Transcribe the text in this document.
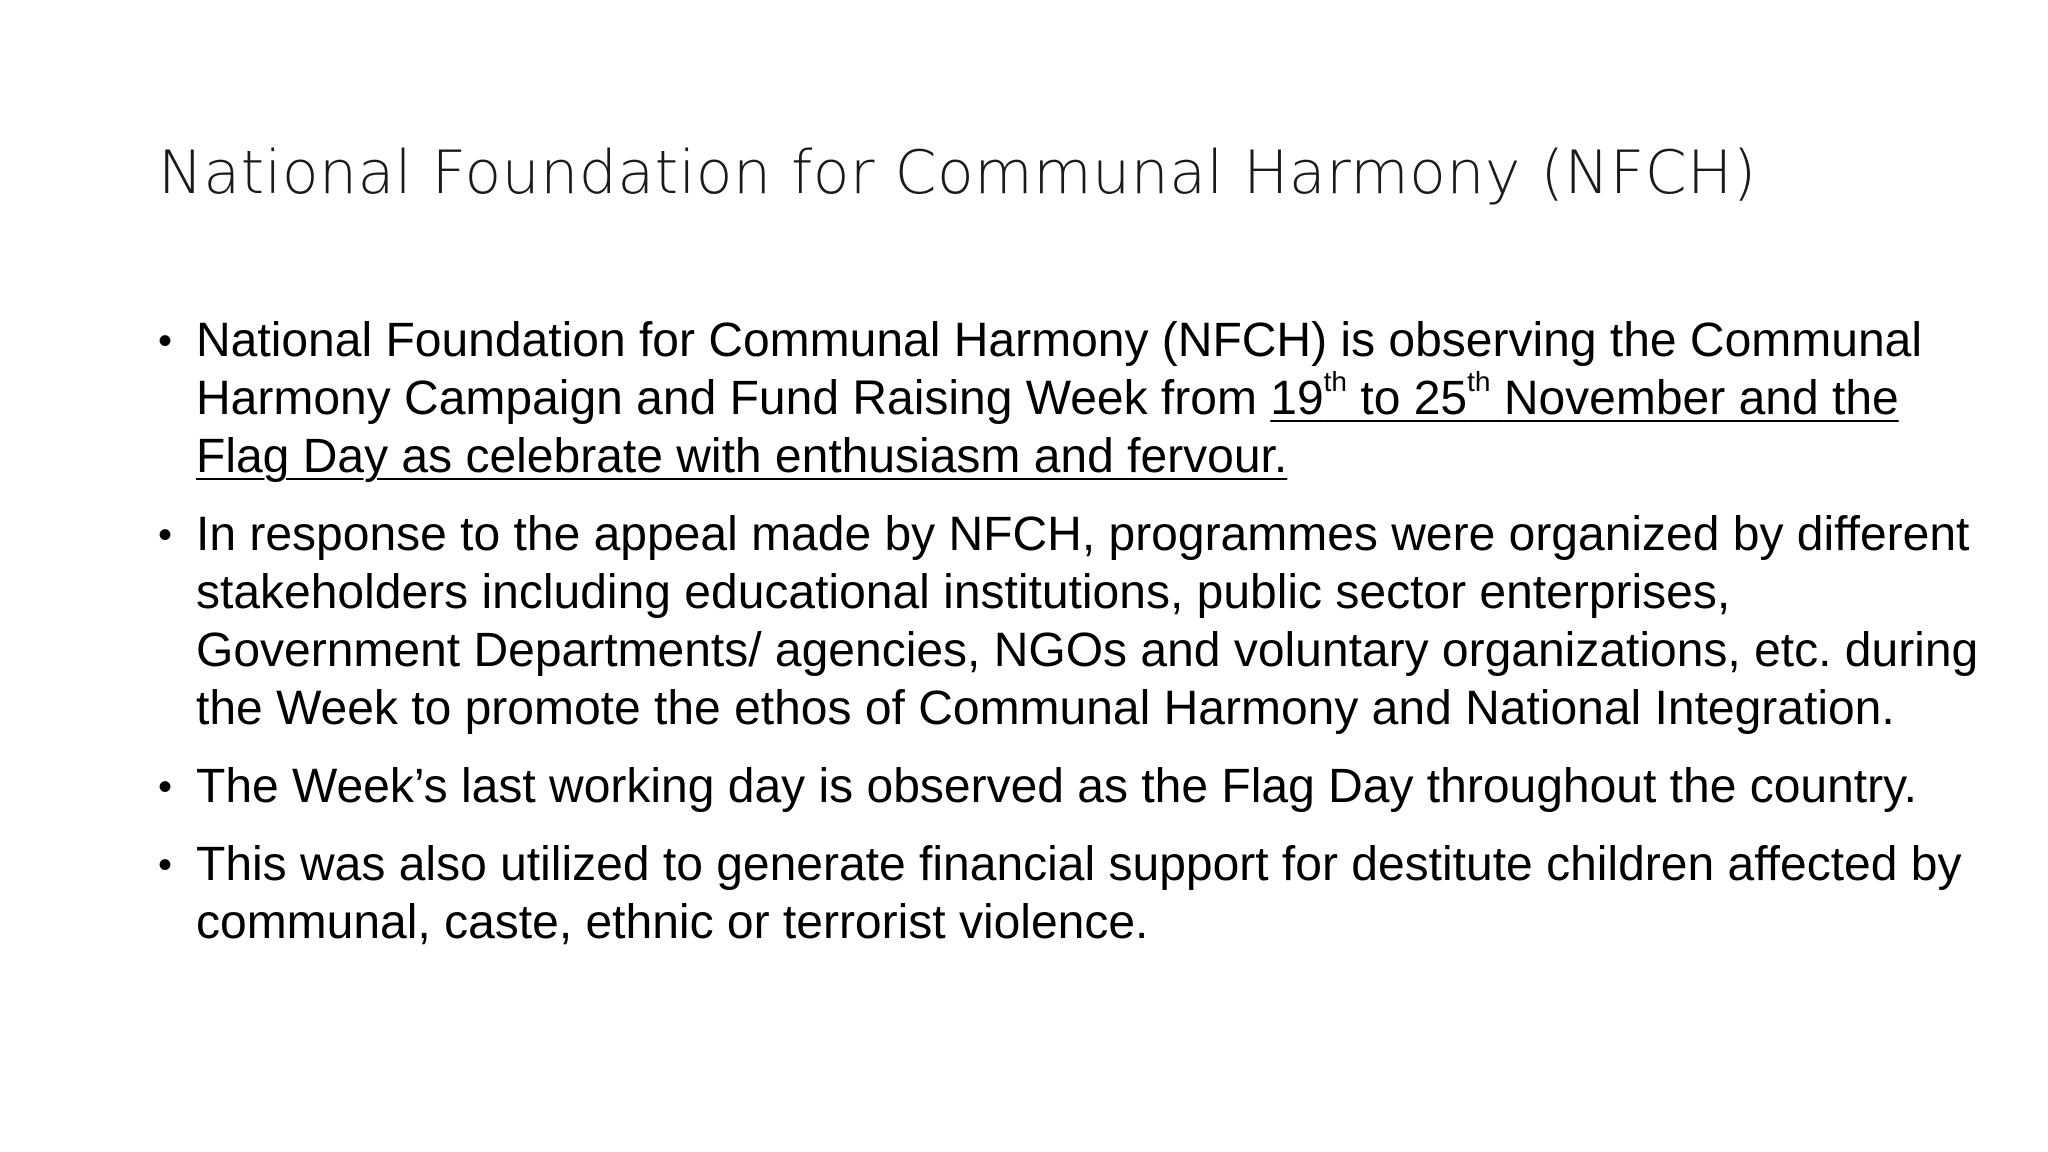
National Foundation for Communal Harmony (NFCH)
• National Foundation for Communal Harmony (NFCH) is observing the Communal Harmony Campaign and Fund Raising Week from 19th to 25th November and the Flag Day as celebrate with enthusiasm and fervour.
• In response to the appeal made by NFCH, programmes were organized by different stakeholders including educational institutions, public sector enterprises, Government Departments/ agencies, NGOs and voluntary organizations, etc. during the Week to promote the ethos of Communal Harmony and National Integration.
• The Week’s last working day is observed as the Flag Day throughout the country.
• This was also utilized to generate financial support for destitute children affected by communal, caste, ethnic or terrorist violence.
